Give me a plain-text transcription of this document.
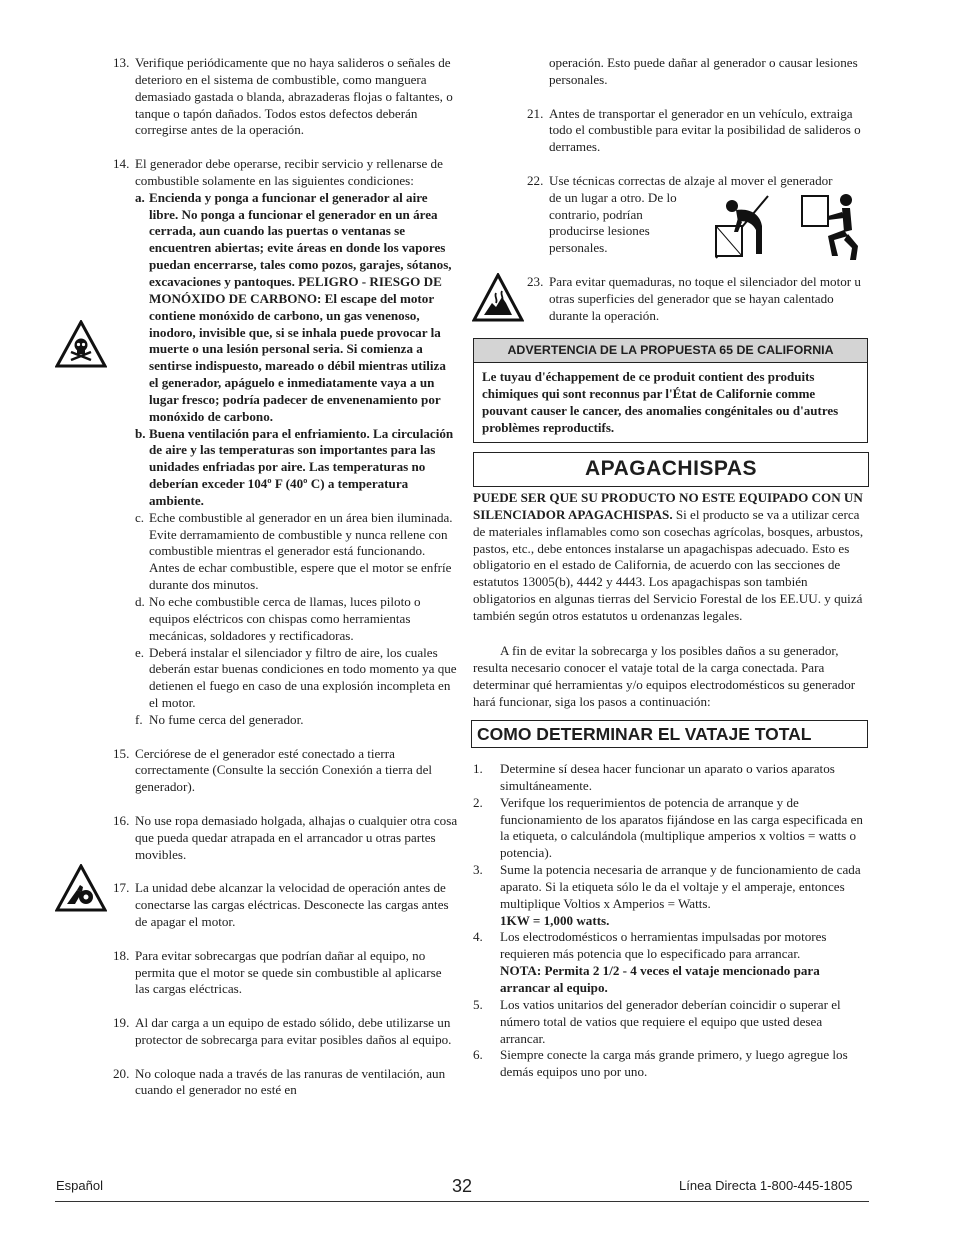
13. Verifique periódicamente que no haya salideros o señales de deterioro en el sistema de combustible, como manguera demasiado gastada o blanda, abrazaderas flojas o faltantes, o tanque o tapón dañados. Todos estos defectos deberán corregirse antes de la operación.
14. El generador debe operarse, recibir servicio y rellenarse de combustible solamente en las siguientes condiciones:
a. Encienda y ponga a funcionar el generador al aire libre. No ponga a funcionar el generador en un área cerrada, aun cuando las puertas o ventanas se encuentren abiertas; evite áreas en donde los vapores puedan encerrarse, tales como pozos, garajes, sótanos, excavaciones y pantoques. PELIGRO - RIESGO DE MONÓXIDO DE CARBONO: El escape del motor contiene monóxido de carbono, un gas venenoso, inodoro, invisible que, si se inhala puede provocar la muerte o una lesión personal seria. Si comienza a sentirse indispuesto, mareado o débil mientras utiliza el generador, apáguelo e inmediatamente vaya a un lugar fresco; podría padecer de envenenamiento por monóxido de carbono.
b. Buena ventilación para el enfriamiento. La circulación de aire y las temperaturas son importantes para las unidades enfriadas por aire. Las temperaturas no deberían exceder 104º F (40º C) a temperatura ambiente.
c. Eche combustible al generador en un área bien iluminada. Evite derramamiento de combustible y nunca rellene con combustible mientras el generador está funcionando. Antes de echar combustible, espere que el motor se enfríe durante dos minutos.
d. No eche combustible cerca de llamas, luces piloto o equipos eléctricos con chispas como herramientas mecánicas, soldadores y rectificadoras.
e. Deberá instalar el silenciador y filtro de aire, los cuales deberán estar buenas condiciones en todo momento ya que detienen el fuego en caso de una explosión incompleta en el motor.
f. No fume cerca del generador.
15. Cerciórese de el generador esté conectado a tierra correctamente (Consulte la sección Conexión a tierra del generador).
16. No use ropa demasiado holgada, alhajas o cualquier otra cosa que pueda quedar atrapada en el arrancador u otras partes movibles.
17. La unidad debe alcanzar la velocidad de operación antes de conectarse las cargas eléctricas. Desconecte las cargas antes de apagar el motor.
18. Para evitar sobrecargas que podrían dañar al equipo, no permita que el motor se quede sin combustible al aplicarse las cargas eléctricas.
19. Al dar carga a un equipo de estado sólido, debe utilizarse un protector de sobrecarga para evitar posibles daños al equipo.
20. No coloque nada a través de las ranuras de ventilación, aun cuando el generador no esté en
operación. Esto puede dañar al generador o causar lesiones personales.
21. Antes de transportar el generador en un vehículo, extraiga todo el combustible para evitar la posibilidad de salideros o derrames.
22. Use técnicas correctas de alzaje al mover el generador
de un lugar a otro. De lo contrario, podrían producirse lesiones personales.
23. Para evitar quemaduras, no toque el silenciador del motor u otras superficies del generador que se hayan calentado durante la operación.
ADVERTENCIA DE LA PROPUESTA 65 DE CALIFORNIA
Le tuyau d'échappement de ce produit contient des produits chimiques qui sont reconnus par l'État de Californie comme pouvant causer le cancer, des anomalies congénitales ou d'autres problèmes reproductifs.
APAGACHISPAS
PUEDE SER QUE SU PRODUCTO NO ESTE EQUIPADO CON UN SILENCIADOR APAGACHISPAS. Si el producto se va a utilizar cerca de materiales inflamables como son cosechas agrícolas, bosques, arbustos, pastos, etc., debe entonces instalarse un apagachispas adecuado. Esto es obligatorio en el estado de California, de acuerdo con las secciones de estatutos 13005(b), 4442 y 4443. Los apagachispas son también obligatorios en algunas tierras del Servicio Forestal de los EE.UU. y quizá también según otros estatutos u ordenanzas legales.
A fin de evitar la sobrecarga y los posibles daños a su generador, resulta necesario conocer el vataje total de la carga conectada. Para determinar qué herramientas y/o equipos electrodomésticos su generador hará funcionar, siga los pasos a continuación:
COMO DETERMINAR EL VATAJE TOTAL
1. Determine sí desea hacer funcionar un aparato o varios aparatos simultáneamente.
2. Verifque los requerimientos de potencia de arranque y de funcionamiento de los aparatos fijándose en las carga especificada en la etiqueta, o calculándola (multiplique amperios x voltios = watts o potencia).
3. Sume la potencia necesaria de arranque y de funcionamiento de cada aparato. Si la etiqueta sólo le da el voltaje y el amperaje, entonces multiplique Voltios x Amperios = Watts.
1KW = 1,000 watts.
4. Los electrodomésticos o herramientas impulsadas por motores requieren más potencia que lo especificado para arrancar.
NOTA: Permita 2 1/2 - 4 veces el vataje mencionado para arrancar al equipo.
5. Los vatios unitarios del generador deberían coincidir o superar el número total de vatios que requiere el equipo que usted desea arrancar.
6. Siempre conecte la carga más grande primero, y luego agregue los demás equipos uno por uno.
Español	32	Línea Directa 1-800-445-1805
